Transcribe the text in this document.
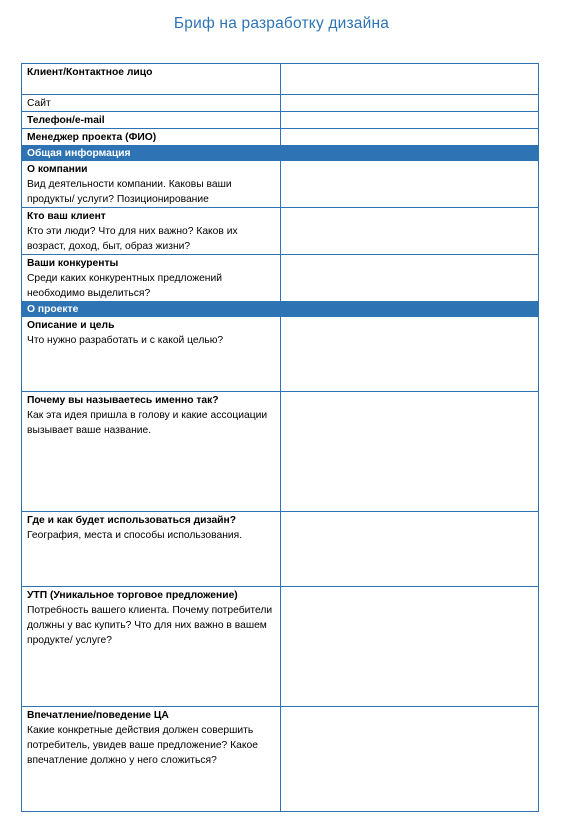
Бриф на разработку дизайна
Клиент/Контактное лицо	

Сайт	

Телефон/e-mail	

Менеджер проекта (ФИО)	

Общая информация	

О компании
Вид деятельности компании. Каковы ваши продукты/ услуги? Позиционирование	

Кто ваш клиент
Кто эти люди? Что для них важно? Каков их возраст, доход, быт, образ жизни?	

Ваши конкуренты
Среди каких конкурентных предложений необходимо выделиться?	

О проекте	

Описание и цель
Что нужно разработать и с какой целью?	

Почему вы называетесь именно так?
Как эта идея пришла в голову и какие ассоциации вызывает ваше название.	

Где и как будет использоваться дизайн?
География, места и способы использования.	

УТП (Уникальное торговое предложение)
Потребность вашего клиента. Почему потребители должны у вас купить? Что для них важно в вашем продукте/ услуге?	

Впечатление/поведение ЦА
Какие конкретные действия должен совершить потребитель, увидев ваше предложение? Какое впечатление должно у него сложиться?	
